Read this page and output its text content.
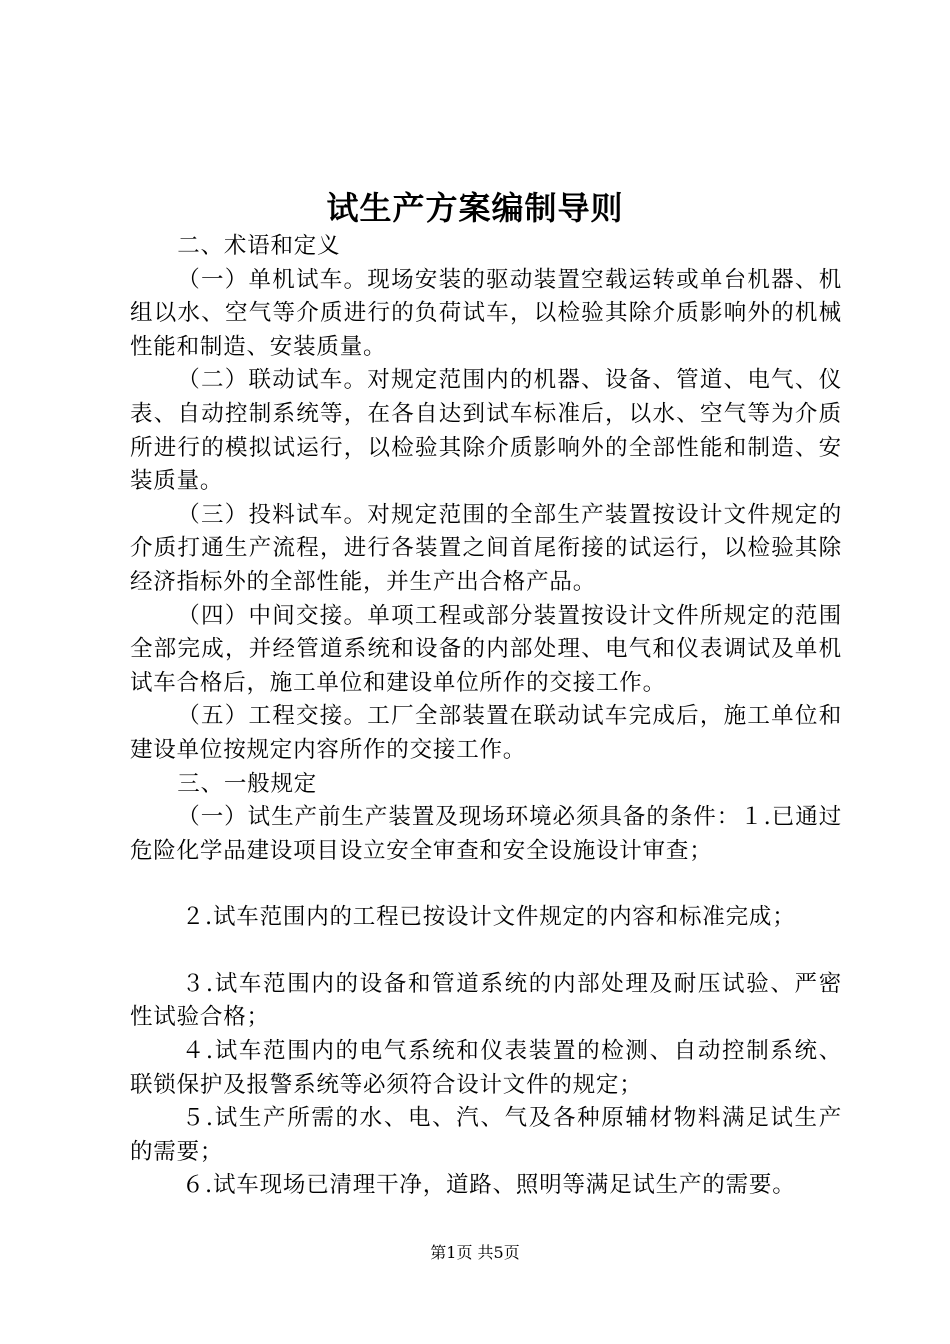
试生产方案编制导则

二、术语和定义

（一）单机试车。现场安装的驱动装置空载运转或单台机器、机组以水、空气等介质进行的负荷试车，以检验其除介质影响外的机械性能和制造、安装质量。

（二）联动试车。对规定范围内的机器、设备、管道、电气、仪表、自动控制系统等，在各自达到试车标准后，以水、空气等为介质所进行的模拟试运行，以检验其除介质影响外的全部性能和制造、安装质量。

（三）投料试车。对规定范围的全部生产装置按设计文件规定的介质打通生产流程，进行各装置之间首尾衔接的试运行，以检验其除经济指标外的全部性能，并生产出合格产品。

（四）中间交接。单项工程或部分装置按设计文件所规定的范围全部完成，并经管道系统和设备的内部处理、电气和仪表调试及单机试车合格后，施工单位和建设单位所作的交接工作。

（五）工程交接。工厂全部装置在联动试车完成后，施工单位和建设单位按规定内容所作的交接工作。

三、一般规定

（一）试生产前生产装置及现场环境必须具备的条件：１.已通过危险化学品建设项目设立安全审查和安全设施设计审查；

２.试车范围内的工程已按设计文件规定的内容和标准完成；

３.试车范围内的设备和管道系统的内部处理及耐压试验、严密性试验合格；

４.试车范围内的电气系统和仪表装置的检测、自动控制系统、联锁保护及报警系统等必须符合设计文件的规定；

５.试生产所需的水、电、汽、气及各种原辅材物料满足试生产的需要；

６.试车现场已清理干净，道路、照明等满足试生产的需要。

第1页 共5页
